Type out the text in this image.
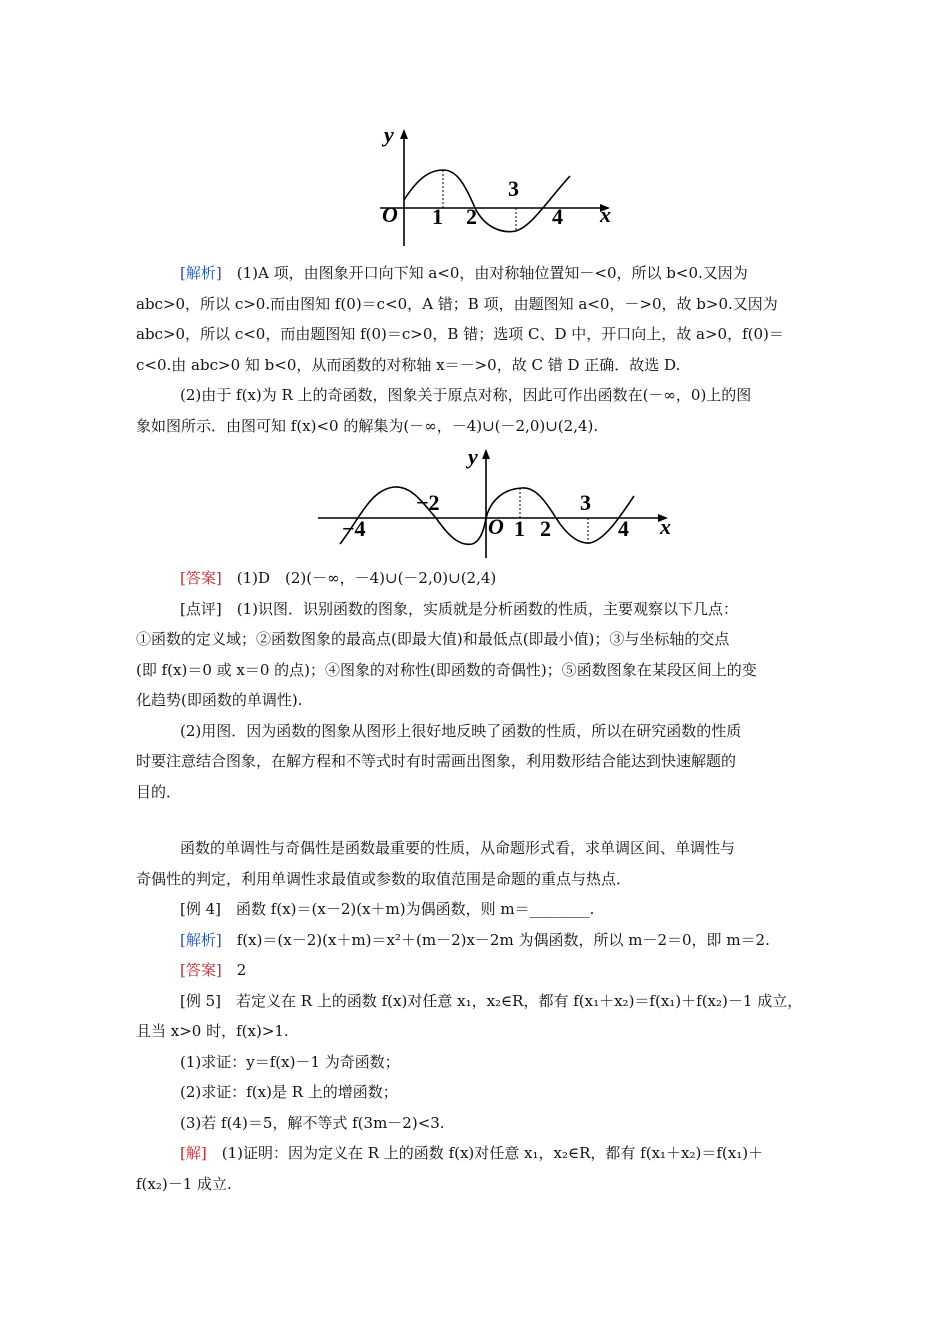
y
x
O 1 2
3
4

[解析]　 (1)A 项，由图象开口向下知 a<0，由对称轴位置知－<0，所以 b<0.又因为

abc>0，所以 c>0.而由图知 f(0)＝c<0，A 错；B 项，由题图知 a<0，－>0，故 b>0.又因为

abc>0，所以 c<0，而由题图知 f(0)＝c>0，B 错；选项 C、D 中，开口向上，故 a>0，f(0)＝

c<0.由 abc>0 知 b<0，从而函数的对称轴 x＝－>0，故 C 错 D 正确．故选 D.

(2)由于 f(x)为 R 上的奇函数，图象关于原点对称，因此可作出函数在(－∞，0)上的图

象如图所示．由图可知 f(x)<0 的解集为(－∞，－4)∪(－2,0)∪(2,4).

y
x
O
−4
−2
1 2
3
4

[答案]　 (1)D　(2)(－∞，－4)∪(－2,0)∪(2,4)

[点评]　 (1)识图．识别函数的图象，实质就是分析函数的性质，主要观察以下几点：

①函数的定义域；②函数图象的最高点(即最大值)和最低点(即最小值)；③与坐标轴的交点

(即 f(x)＝0 或 x＝0 的点)；④图象的对称性(即函数的奇偶性)；⑤函数图象在某段区间上的变

化趋势(即函数的单调性).

(2)用图．因为函数的图象从图形上很好地反映了函数的性质，所以在研究函数的性质

时要注意结合图象，在解方程和不等式时有时需画出图象，利用数形结合能达到快速解题的

目的．

函数的单调性与奇偶性是函数最重要的性质，从命题形式看，求单调区间、单调性与

奇偶性的判定，利用单调性求最值或参数的取值范围是命题的重点与热点．

[例 4]　函数 f(x)＝(x－2)(x＋m)为偶函数，则 m＝________.

[解析]　f(x)＝(x－2)(x＋m)＝x²＋(m－2)x－2m 为偶函数，所以 m－2＝0，即 m＝2.

[答案]　2

[例 5]　若定义在 R 上的函数 f(x)对任意 x₁，x₂∈R，都有 f(x₁＋x₂)＝f(x₁)＋f(x₂)－1 成立，

且当 x>0 时，f(x)>1.

(1)求证：y＝f(x)－1 为奇函数；

(2)求证：f(x)是 R 上的增函数；

(3)若 f(4)＝5，解不等式 f(3m－2)<3.

[解]　(1)证明：因为定义在 R 上的函数 f(x)对任意 x₁，x₂∈R，都有 f(x₁＋x₂)＝f(x₁)＋

f(x₂)－1 成立.
